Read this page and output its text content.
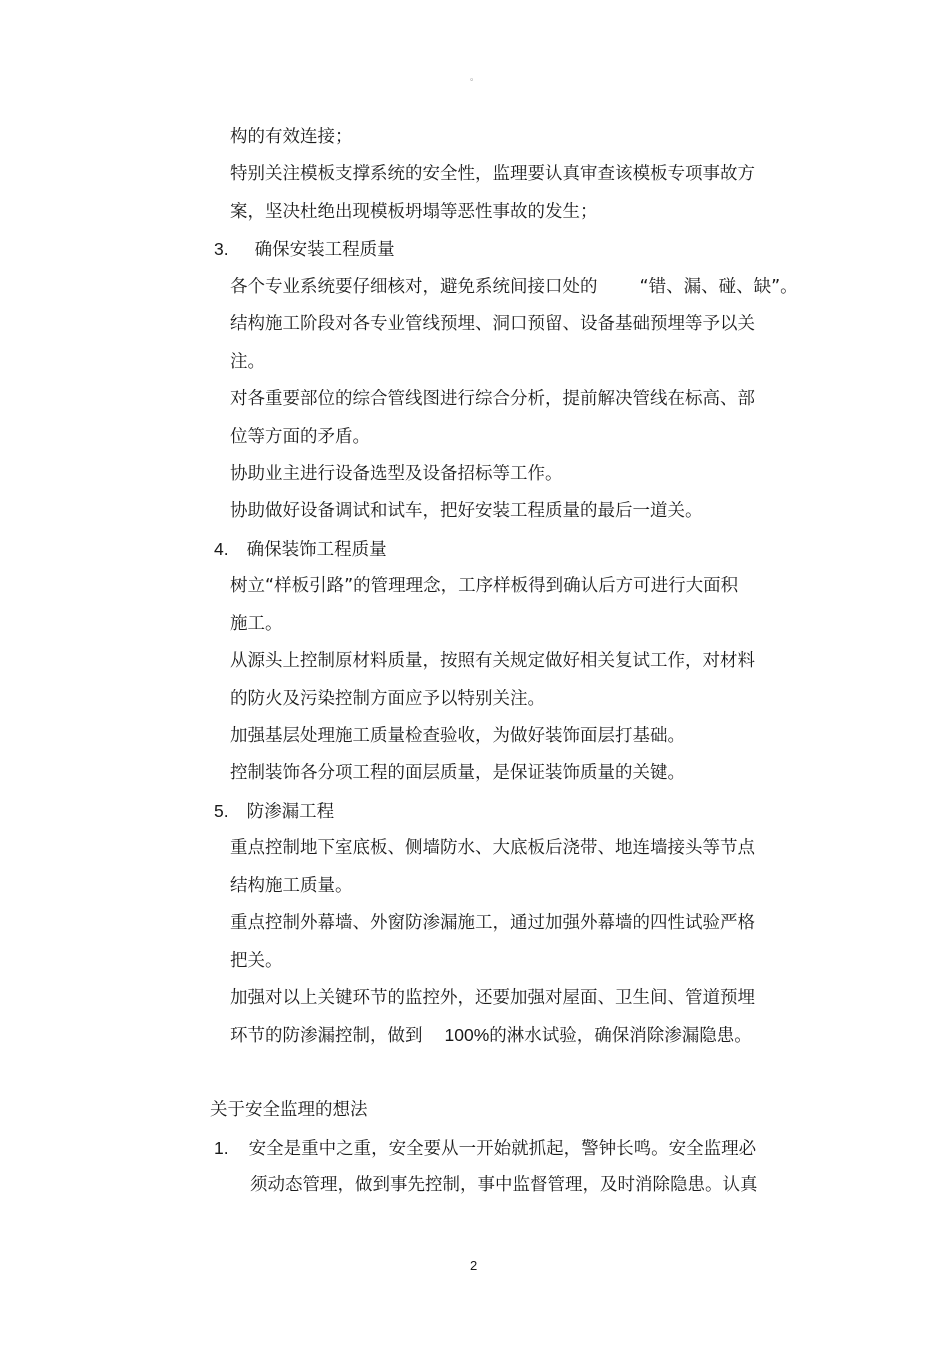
。
构的有效连接；
特别关注模板支撑系统的安全性，监理要认真审查该模板专项事故方
案，坚决杜绝出现模板坍塌等恶性事故的发生；
3. 确保安装工程质量
各个专业系统要仔细核对，避免系统间接口处的 “错、漏、碰、缺”。
结构施工阶段对各专业管线预埋、洞口预留、设备基础预埋等予以关
注。
对各重要部位的综合管线图进行综合分析，提前解决管线在标高、部
位等方面的矛盾。
协助业主进行设备选型及设备招标等工作。
协助做好设备调试和试车，把好安装工程质量的最后一道关。
4. 确保装饰工程质量
树立“样板引路”的管理理念，工序样板得到确认后方可进行大面积
施工。
从源头上控制原材料质量，按照有关规定做好相关复试工作，对材料
的防火及污染控制方面应予以特别关注。
加强基层处理施工质量检查验收，为做好装饰面层打基础。
控制装饰各分项工程的面层质量，是保证装饰质量的关键。
5. 防渗漏工程
重点控制地下室底板、侧墙防水、大底板后浇带、地连墙接头等节点
结构施工质量。
重点控制外幕墙、外窗防渗漏施工，通过加强外幕墙的四性试验严格
把关。
加强对以上关键环节的监控外，还要加强对屋面、卫生间、管道预埋
环节的防渗漏控制，做到 100%的淋水试验，确保消除渗漏隐患。
关于安全监理的想法
1. 安全是重中之重，安全要从一开始就抓起，警钟长鸣。安全监理必
须动态管理，做到事先控制，事中监督管理，及时消除隐患。认真
2
